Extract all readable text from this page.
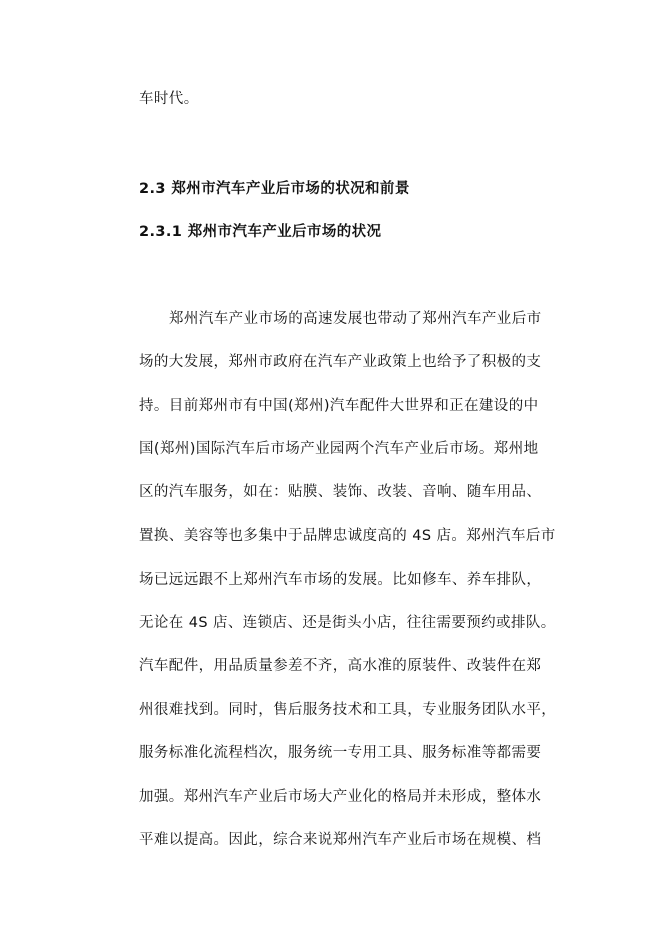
车时代。
2.3 郑州市汽车产业后市场的状况和前景
2.3.1 郑州市汽车产业后市场的状况
郑州汽车产业市场的高速发展也带动了郑州汽车产业后市
场的大发展，郑州市政府在汽车产业政策上也给予了积极的支
持。目前郑州市有中国(郑州)汽车配件大世界和正在建设的中
国(郑州)国际汽车后市场产业园两个汽车产业后市场。郑州地
区的汽车服务，如在：贴膜、装饰、改装、音响、随车用品、
置换、美容等也多集中于品牌忠诚度高的 4S 店。郑州汽车后市
场已远远跟不上郑州汽车市场的发展。比如修车、养车排队，
无论在 4S 店、连锁店、还是街头小店，往往需要预约或排队。
汽车配件，用品质量参差不齐，高水准的原装件、改装件在郑
州很难找到。同时，售后服务技术和工具，专业服务团队水平，
服务标准化流程档次，服务统一专用工具、服务标准等都需要
加强。郑州汽车产业后市场大产业化的格局并未形成，整体水
平难以提高。因此，综合来说郑州汽车产业后市场在规模、档
